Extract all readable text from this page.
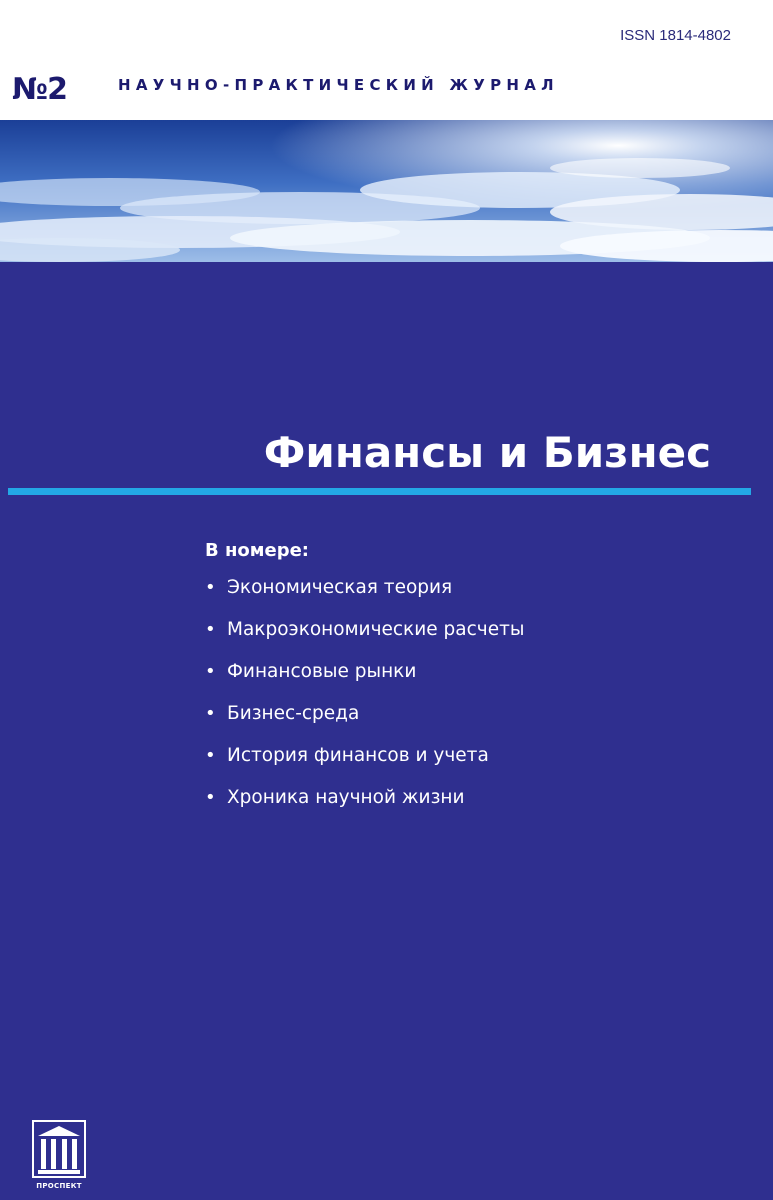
ISSN 1814-4802
№2	НАУЧНО-ПРАКТИЧЕСКИЙ ЖУРНАЛ
Финансы и Бизнес
В номере:
• Экономическая теория
• Макроэкономические расчеты
• Финансовые рынки
• Бизнес-среда
• История финансов и учета
• Хроника научной жизни
ПРОСПЕКТ
